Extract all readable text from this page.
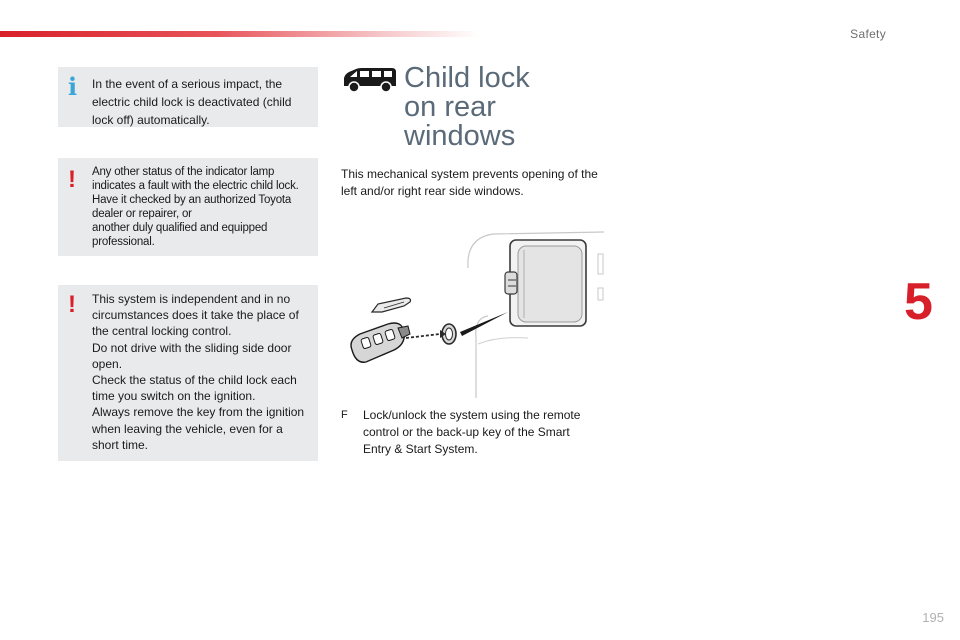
Safety
5
195
i In the event of a serious impact, the electric child lock is deactivated (child lock off) automatically.

! Any other status of the indicator lamp indicates a fault with the electric child lock.

Have it checked by an authorized Toyota dealer or repairer, or

another duly qualified and equipped professional.

! This system is independent and in no circumstances does it take the place of the central locking control.

Do not drive with the sliding side door open.

Check the status of the child lock each time you switch on the ignition.

Always remove the key from the ignition when leaving the vehicle, even for a short time.

Child lock
on rear
windows
This mechanical system prevents opening of the left and/or right rear side windows.
F Lock/unlock the system using the remote control or the back-up key of the Smart Entry & Start System.
